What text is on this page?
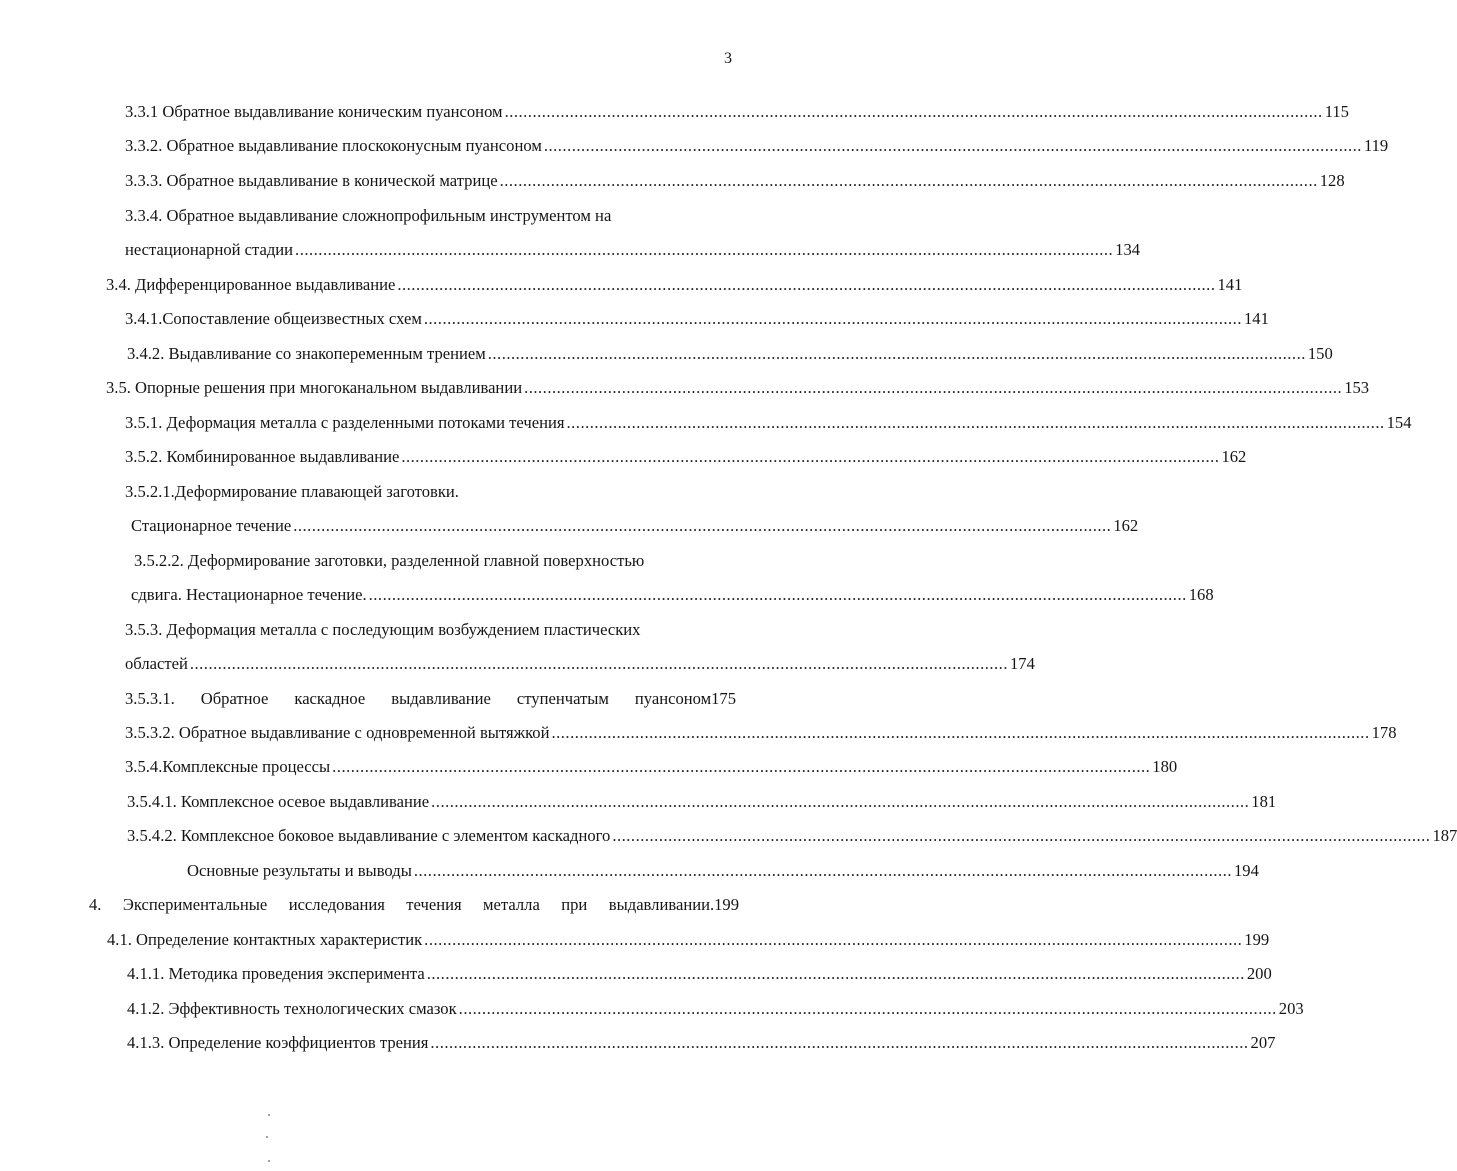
3
3.3.1 Обратное выдавливание коническим пуансоном ................................................................................................................................................................................ 115
3.3.2. Обратное выдавливание плоскоконусным пуансоном ................................................................................................................................................................................ 119
3.3.3. Обратное выдавливание в конической матрице ................................................................................................................................................................................ 128
3.3.4. Обратное выдавливание сложнопрофильным инструментом на
нестационарной стадии ................................................................................................................................................................................ 134
3.4. Дифференцированное выдавливание ................................................................................................................................................................................ 141
3.4.1.Сопоставление общеизвестных схем ................................................................................................................................................................................ 141
3.4.2. Выдавливание со знакопеременным трением ................................................................................................................................................................................ 150
3.5. Опорные решения при многоканальном выдавливании ................................................................................................................................................................................ 153
3.5.1. Деформация металла с разделенными потоками течения ................................................................................................................................................................................ 154
3.5.2. Комбинированное выдавливание ................................................................................................................................................................................ 162
3.5.2.1.Деформирование плавающей заготовки.
Стационарное течение ................................................................................................................................................................................ 162
3.5.2.2. Деформирование заготовки, разделенной главной поверхностью
сдвига. Нестационарное течение. ................................................................................................................................................................................ 168
3.5.3. Деформация металла с последующим возбуждением пластических
областей ................................................................................................................................................................................ 174
3.5.3.1. Обратное каскадное выдавливание ступенчатым пуансоном175
3.5.3.2. Обратное выдавливание с одновременной вытяжкой ................................................................................................................................................................................ 178
3.5.4.Комплексные процессы ................................................................................................................................................................................ 180
3.5.4.1. Комплексное осевое выдавливание ................................................................................................................................................................................ 181
3.5.4.2. Комплексное боковое выдавливание с элементом каскадного ................................................................................................................................................................................ 187
Основные результаты и выводы ................................................................................................................................................................................ 194
4. Экспериментальные исследования течения металла при выдавливании.199
4.1. Определение контактных характеристик ................................................................................................................................................................................ 199
4.1.1. Методика проведения эксперимента ................................................................................................................................................................................ 200
4.1.2. Эффективность технологических смазок ................................................................................................................................................................................ 203
4.1.3. Определение коэффициентов трения ................................................................................................................................................................................ 207
